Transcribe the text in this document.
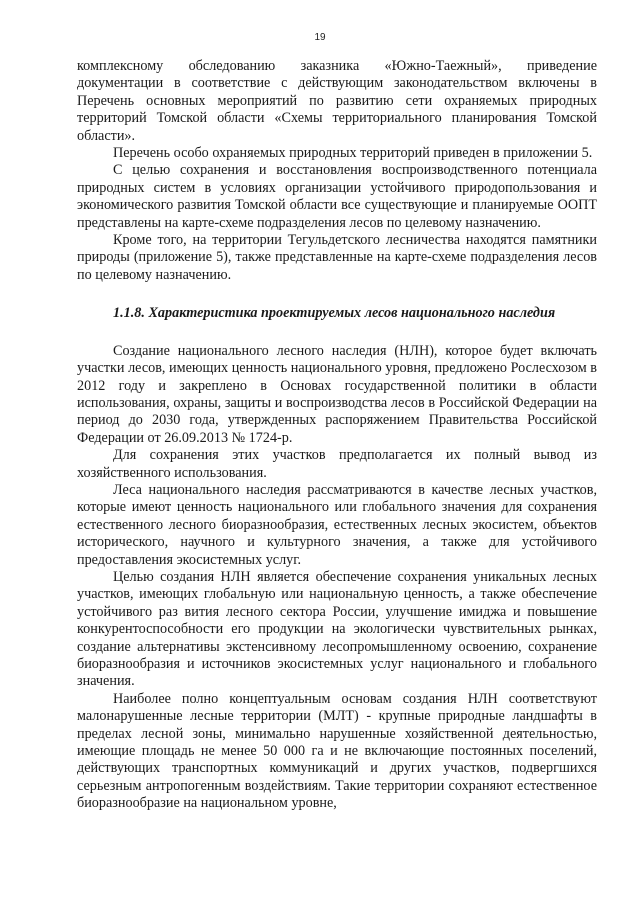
19

комплексному обследованию заказника «Южно-Таежный», приведение документации в соответствие с действующим законодательством включены в Перечень основных мероприятий по развитию сети охраняемых природных территорий Томской области «Схемы территориального планирования Томской области».

Перечень особо охраняемых природных территорий приведен в приложении 5.

С целью сохранения и восстановления воспроизводственного потенциала природных систем в условиях организации устойчивого природопользования и экономического развития Томской области все существующие и планируемые ООПТ представлены на карте-схеме подразделения лесов по целевому назначению.

Кроме того, на территории Тегульдетского лесничества находятся памятники природы (приложение 5), также представленные на карте-схеме подразделения лесов по целевому назначению.

1.1.8. Характеристика проектируемых лесов национального наследия

Создание национального лесного наследия (НЛН), которое будет включать участки лесов, имеющих ценность национального уровня, предложено Рослесхозом в 2012 году и закреплено в Основах государственной политики в области использования, охраны, защиты и воспроизводства лесов в Российской Федерации на период до 2030 года, утвержденных распоряжением Правительства Российской Федерации от 26.09.2013 № 1724-р.

Для сохранения этих участков предполагается их полный вывод из хозяйственного использования.

Леса национального наследия рассматриваются в качестве лесных участков, которые имеют ценность национального или глобального значения для сохранения естественного лесного биоразнообразия, естественных лесных экосистем, объектов исторического, научного и культурного значения, а также для устойчивого предоставления экосистемных услуг.

Целью создания НЛН является обеспечение сохранения уникальных лесных участков, имеющих глобальную или национальную ценность, а также обеспечение устойчивого раз вития лесного сектора России, улучшение имиджа и повышение конкурентоспособности его продукции на экологически чувствительных рынках, создание альтернативы экстенсивному лесопромышленному освоению, сохранение биоразнообразия и источников экосистемных услуг национального и глобального значения.

Наиболее полно концептуальным основам создания НЛН соответствуют малонарушенные лесные территории (МЛТ) - крупные природные ландшафты в пределах лесной зоны, минимально нарушенные хозяйственной деятельностью, имеющие площадь не менее 50 000 га и не включающие постоянных поселений, действующих транспортных коммуникаций и других участков, подвергшихся серьезным антропогенным воздействиям. Такие территории сохраняют естественное биоразнообразие на национальном уровне,
